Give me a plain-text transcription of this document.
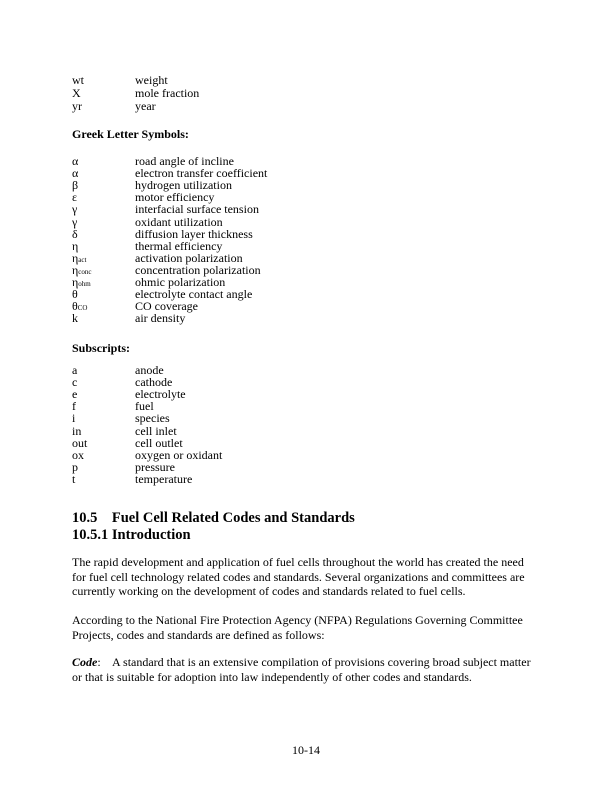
wt	weight
X	mole fraction
yr	year
Greek Letter Symbols:
α	road angle of incline
α	electron transfer coefficient
β	hydrogen utilization
ε	motor efficiency
γ	interfacial surface tension
γ	oxidant utilization
δ	diffusion layer thickness
η	thermal efficiency
ηact	activation polarization
ηconc	concentration polarization
ηohm	ohmic polarization
θ	electrolyte contact angle
θCO	CO coverage
k	air density
Subscripts:
a	anode
c	cathode
e	electrolyte
f	fuel
i	species
in	cell inlet
out	cell outlet
ox	oxygen or oxidant
p	pressure
t	temperature
10.5    Fuel Cell Related Codes and Standards
10.5.1 Introduction
The rapid development and application of fuel cells throughout the world has created the need
for fuel cell technology related codes and standards. Several organizations and committees are
currently working on the development of codes and standards related to fuel cells.
According to the National Fire Protection Agency (NFPA) Regulations Governing Committee
Projects, codes and standards are defined as follows:
Code:    A standard that is an extensive compilation of provisions covering broad subject matter
or that is suitable for adoption into law independently of other codes and standards.
10-14
